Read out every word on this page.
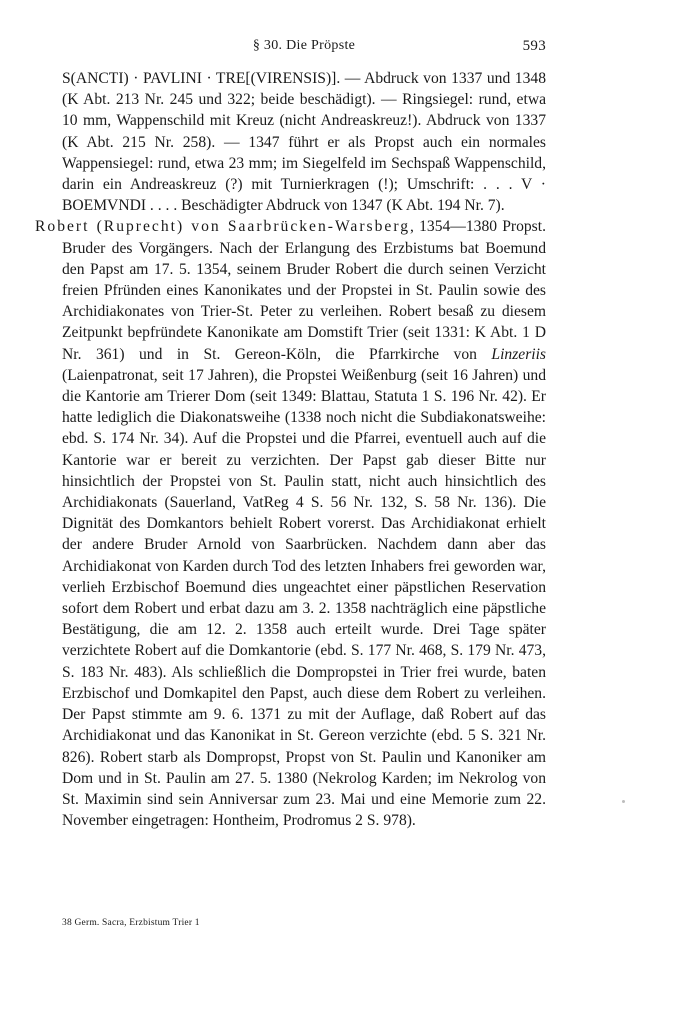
§ 30. Die Pröpste	593

S(ANCTI) · PAVLINI · TRE[(VIRENSIS)]. — Abdruck von 1337 und 1348 (K Abt. 213 Nr. 245 und 322; beide beschädigt). — Ringsiegel: rund, etwa 10 mm, Wappenschild mit Kreuz (nicht Andreaskreuz!). Abdruck von 1337 (K Abt. 215 Nr. 258). — 1347 führt er als Propst auch ein normales Wappensiegel: rund, etwa 23 mm; im Siegelfeld im Sechspaß Wappenschild, darin ein Andreaskreuz (?) mit Turnierkragen (!); Umschrift: . . . V · BOEMVNDI . . . . Beschädigter Abdruck von 1347 (K Abt. 194 Nr. 7).

Robert (Ruprecht) von Saarbrücken-Warsberg, 1354—1380 Propst. Bruder des Vorgängers. Nach der Erlangung des Erzbistums bat Boemund den Papst am 17. 5. 1354, seinem Bruder Robert die durch seinen Verzicht freien Pfründen eines Kanonikates und der Propstei in St. Paulin sowie des Archidiakonates von Trier-St. Peter zu verleihen. Robert besaß zu diesem Zeitpunkt bepfründete Kanonikate am Domstift Trier (seit 1331: K Abt. 1 D Nr. 361) und in St. Gereon-Köln, die Pfarrkirche von Linzeriis (Laienpatronat, seit 17 Jahren), die Propstei Weißenburg (seit 16 Jahren) und die Kantorie am Trierer Dom (seit 1349: Blattau, Statuta 1 S. 196 Nr. 42). Er hatte lediglich die Diakonatsweihe (1338 noch nicht die Subdiakonatsweihe: ebd. S. 174 Nr. 34). Auf die Propstei und die Pfarrei, eventuell auch auf die Kantorie war er bereit zu verzichten. Der Papst gab dieser Bitte nur hinsichtlich der Propstei von St. Paulin statt, nicht auch hinsichtlich des Archidiakonats (Sauerland, VatReg 4 S. 56 Nr. 132, S. 58 Nr. 136). Die Dignität des Domkantors behielt Robert vorerst. Das Archidiakonat erhielt der andere Bruder Arnold von Saarbrücken. Nachdem dann aber das Archidiakonat von Karden durch Tod des letzten Inhabers frei geworden war, verlieh Erzbischof Boemund dies ungeachtet einer päpstlichen Reservation sofort dem Robert und erbat dazu am 3. 2. 1358 nachträglich eine päpstliche Bestätigung, die am 12. 2. 1358 auch erteilt wurde. Drei Tage später verzichtete Robert auf die Domkantorie (ebd. S. 177 Nr. 468, S. 179 Nr. 473, S. 183 Nr. 483). Als schließlich die Dompropstei in Trier frei wurde, baten Erzbischof und Domkapitel den Papst, auch diese dem Robert zu verleihen. Der Papst stimmte am 9. 6. 1371 zu mit der Auflage, daß Robert auf das Archidiakonat und das Kanonikat in St. Gereon verzichte (ebd. 5 S. 321 Nr. 826). Robert starb als Dompropst, Propst von St. Paulin und Kanoniker am Dom und in St. Paulin am 27. 5. 1380 (Nekrolog Karden; im Nekrolog von St. Maximin sind sein Anniversar zum 23. Mai und eine Memorie zum 22. November eingetragen: Hontheim, Prodromus 2 S. 978).

38 Germ. Sacra, Erzbistum Trier 1
